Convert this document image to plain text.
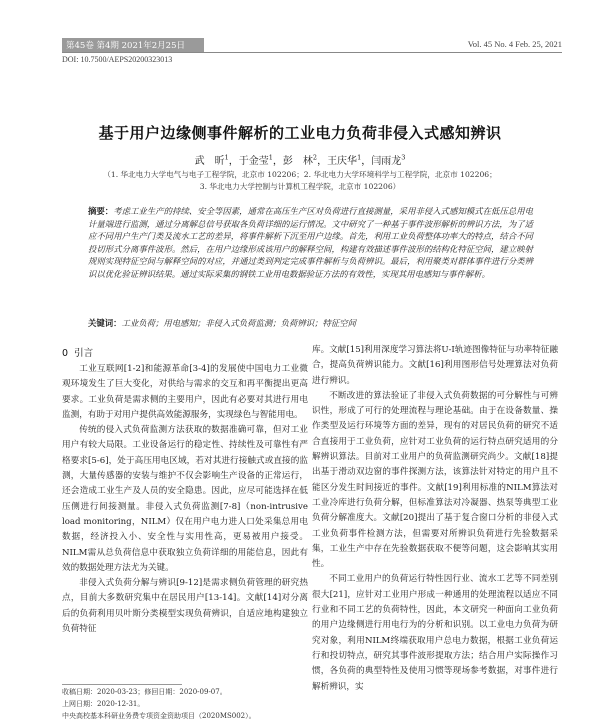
第45卷 第4期 2021年2月25日	Vol. 45 No. 4 Feb. 25, 2021
DOI: 10.7500/AEPS20200323013
基于用户边缘侧事件解析的工业电力负荷非侵入式感知辨识
武　昕$^1$，于金莹$^1$，彭　林$^2$，王庆华$^1$，闫雨龙$^3$
（1. 华北电力大学电气与电子工程学院，北京市 102206；2. 华北电力大学环境科学与工程学院，北京市 102206；
3. 华北电力大学控制与计算机工程学院，北京市 102206）
摘要：考虑工业生产的持续、安全等因素，通常在高压生产区对负荷进行直接测量，采用非侵入式感知模式在低压总用电计量端进行监测，通过分离解总信号获取各负荷详细的运行情况。文中研究了一种基于事件波形解析的辨识方法，为了适应不同用户生产门类及流水工艺的差异，将事件解析下沉至用户边缘。首先，利用工业负荷整体功率大的特点，结合不同投切形式分离事件波形。然后，在用户边缘形成该用户的解释空间，构建有效描述事件波形的结构化特征空间，建立映射规则实现特征空间与解释空间的对应，并通过类到判定完成事件解析与负荷辨识。最后，利用聚类对群体事件进行分类辨识以优化验证辨识结果。通过实际采集的钢铁工业用电数据验证方法的有效性，实现其用电感知与事件解析。
关键词：工业负荷；用电感知；非侵入式负荷监测；负荷辨识；特征空间
0 引言

工业互联网[1-2]和能源革命[3-4]的发展使中国电力工业微观环境发生了巨大变化，对供给与需求的交互和再平衡提出更高要求。工业负荷是需求侧的主要用户，因此有必要对其进行用电监测，有助于对用户提供高效能源服务，实现绿色与智能用电。

传统的侵入式负荷监测方法获取的数据准确可靠，但对工业用户有较大局限。工业设备运行的稳定性、持续性及可靠性有严格要求[5-6]，处于高压用电区域，若对其进行接触式或直接的监测，大量传感器的安装与维护不仅会影响生产设备的正常运行，还会造成工业生产及人员的安全隐患。因此，应尽可能选择在低压侧进行间接测量。非侵入式负荷监测[7-8]（non-intrusive load monitoring，NILM）仅在用户电力进人口处采集总用电数据，经济投入小、安全性与实用性高，更易被用户接受。NILM需从总负荷信息中获取独立负荷详细的用能信息，因此有效的数据处理方法尤为关键。

非侵入式负荷分解与辨识[9-12]是需求侧负荷管理的研究热点，目前大多数研究集中在居民用户[13-14]。文献[14]对分离后的负荷利用贝叶斯分类模型实现负荷辨识，自适应地构建独立负荷特征

库。文献[15]利用深度学习算法将U-I轨迹图像特征与功率特征融合，提高负荷辨识能力。文献[16]利用图形信号处理算法对负荷进行辨识。

不断改进的算法验证了非侵入式负荷数据的可分解性与可辨识性，形成了可行的处理流程与理论基础。由于在设备数量、操作类型及运行环境等方面的差异，现有的对居民负荷的研究不适合直接用于工业负荷，应针对工业负荷的运行特点研究适用的分解辨识算法。目前对工业用户的负荷监测研究尚少。文献[18]提出基于滑动双边窗的事件探测方法，该算法针对特定的用户且不能区分发生时间接近的事件。文献[19]利用标准的NILM算法对工业冷库进行负荷分解，但标准算法对冷凝器、热泵等典型工业负荷分解准度大。文献[20]提出了基于复合窗口分析的非侵入式工业负荷事件检测方法，但需要对所辨识负荷进行先验数据采集，工业生产中存在先验数据获取不便等问题，这会影响其实用性。

不同工业用户的负荷运行特性因行业、流水工艺等不同差别很大[21]，应针对工业用户形成一种通用的处理流程以适应不同行业和不同工艺的负荷特性，因此，本文研究一种面向工业负荷的用户边缘侧进行用电行为的分析和识别。以工业电力负荷为研究对象，利用NILM终端获取用户总电力数据，根据工业负荷运行和投切特点，研究其事件波形提取方法；结合用户实际操作习惯，各负荷的典型特性及使用习惯等现场参考数据，对事件进行解析辨识，实

收稿日期：2020-03-23；修回日期：2020-09-07。
上网日期：2020-12-31。
中央高校基本科研业务费专项资金资助项目（2020MS002）。
